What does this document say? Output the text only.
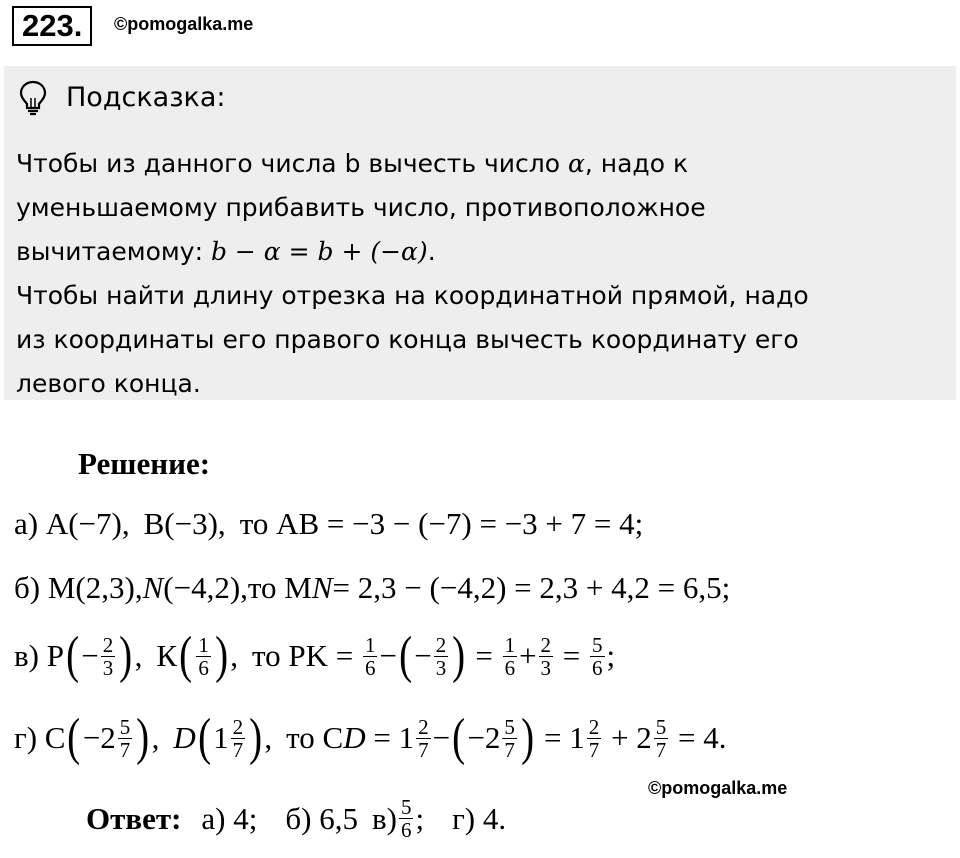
223.	©pomogalka.me
Подсказка:
Чтобы из данного числа b вычесть число α, надо к
уменьшаемому прибавить число, противоположное
вычитаемому: b − α = b + (−α).
Чтобы найти длину отрезка на координатной прямой, надо
из координаты его правого конца вычесть координату его
левого конца.
Решение:
а)
A(−7), B(−3), то AB = −3 − (−7) = −3 + 7 = 4;
б)
M(2,3), N (−4,2), то M N = 2,3 − (−4,2) = 2,3 + 4,2 = 6,5;
в)
P ( − $\frac{2}{3}$ ) , К ( $\frac{1}{6}$ ) , то PK =
$\frac{1}{6}$ − ( − $\frac{2}{3}$ )
=
$\frac{1}{6} + \frac{2}{3}$
=
$\frac{5}{6}$ ;
г)
C ( $-2 \frac{5}{7}$ ) , D ( $1 \frac{2}{7}$ ) , то C D
=
$1 \frac{2}{7}$ − ( $-2 \frac{5}{7}$ )
=
$1 \frac{2}{7}$
+
$2 \frac{5}{7}$
= 4.
©pomogalka.me
Ответ: а) 4; б) 6,5 $в) \frac{5}{6}$ ; г) 4.
